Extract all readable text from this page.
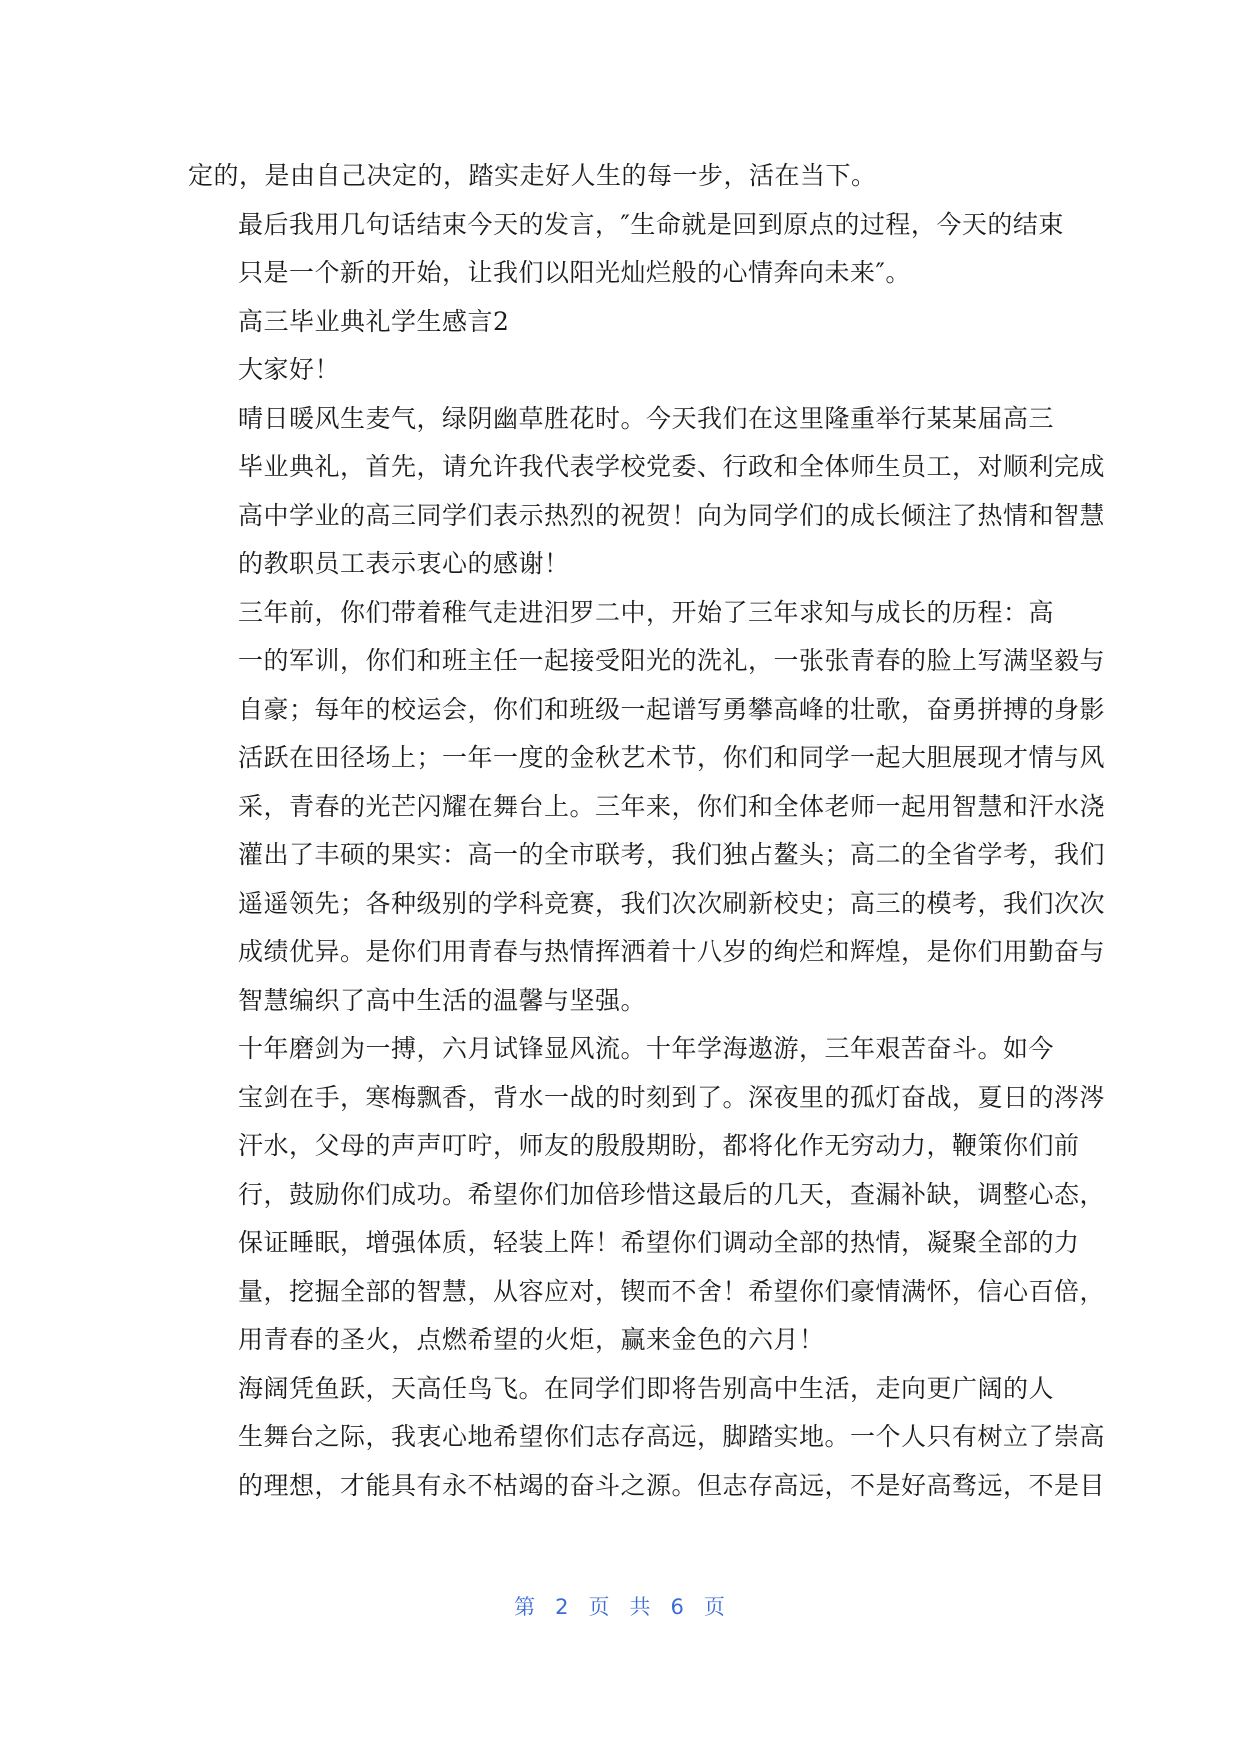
定的，是由自己决定的，踏实走好人生的每一步，活在当下。

最后我用几句话结束今天的发言，″生命就是回到原点的过程，今天的结束
只是一个新的开始，让我们以阳光灿烂般的心情奔向未来″。

高三毕业典礼学生感言2

大家好！

晴日暖风生麦气，绿阴幽草胜花时。今天我们在这里隆重举行某某届高三
毕业典礼，首先，请允许我代表学校党委、行政和全体师生员工，对顺利完成
高中学业的高三同学们表示热烈的祝贺！向为同学们的成长倾注了热情和智慧
的教职员工表示衷心的感谢！

三年前，你们带着稚气走进汨罗二中，开始了三年求知与成长的历程：高
一的军训，你们和班主任一起接受阳光的洗礼，一张张青春的脸上写满坚毅与
自豪；每年的校运会，你们和班级一起谱写勇攀高峰的壮歌，奋勇拼搏的身影
活跃在田径场上；一年一度的金秋艺术节，你们和同学一起大胆展现才情与风
采，青春的光芒闪耀在舞台上。三年来，你们和全体老师一起用智慧和汗水浇
灌出了丰硕的果实：高一的全市联考，我们独占鳌头；高二的全省学考，我们
遥遥领先；各种级别的学科竞赛，我们次次刷新校史；高三的模考，我们次次
成绩优异。是你们用青春与热情挥洒着十八岁的绚烂和辉煌，是你们用勤奋与
智慧编织了高中生活的温馨与坚强。

十年磨剑为一搏，六月试锋显风流。十年学海遨游，三年艰苦奋斗。如今
宝剑在手，寒梅飘香，背水一战的时刻到了。深夜里的孤灯奋战，夏日的涔涔
汗水，父母的声声叮咛，师友的殷殷期盼，都将化作无穷动力，鞭策你们前
行，鼓励你们成功。希望你们加倍珍惜这最后的几天，查漏补缺，调整心态，
保证睡眠，增强体质，轻装上阵！希望你们调动全部的热情，凝聚全部的力
量，挖掘全部的智慧，从容应对，锲而不舍！希望你们豪情满怀，信心百倍，
用青春的圣火，点燃希望的火炬，赢来金色的六月！

海阔凭鱼跃，天高任鸟飞。在同学们即将告别高中生活，走向更广阔的人
生舞台之际，我衷心地希望你们志存高远，脚踏实地。一个人只有树立了崇高
的理想，才能具有永不枯竭的奋斗之源。但志存高远，不是好高骛远，不是目

第 2 页 共 6 页
